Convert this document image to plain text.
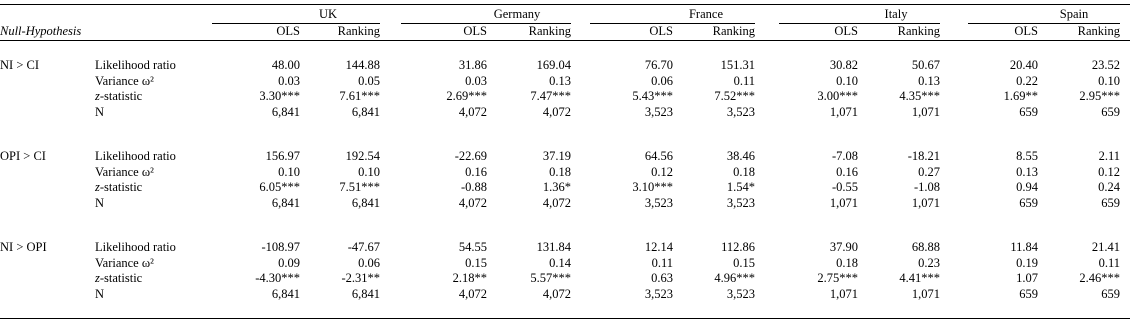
UK
OLS	Ranking
Germany
OLS	Ranking
France
OLS	Ranking
Italy
OLS	Ranking
Spain
OLS	Ranking
Null-Hypothesis
NI > CI	Likelihood ratio	48.00	144.88	31.86	169.04	76.70	151.31	30.82	50.67	20.40	23.52
Variance ω²	0.03	0.05	0.03	0.13	0.06	0.11	0.10	0.13	0.22	0.10
z-statistic	3.30***	7.61***	2.69***	7.47***	5.43***	7.52***	3.00***	4.35***	1.69**	2.95***
N	6,841	6,841	4,072	4,072	3,523	3,523	1,071	1,071	659	659
OPI > CI	Likelihood ratio	156.97	192.54	-22.69	37.19	64.56	38.46	-7.08	-18.21	8.55	2.11
Variance ω²	0.10	0.10	0.16	0.18	0.12	0.18	0.16	0.27	0.13	0.12
z-statistic	6.05***	7.51***	-0.88	1.36*	3.10***	1.54*	-0.55	-1.08	0.94	0.24
N	6,841	6,841	4,072	4,072	3,523	3,523	1,071	1,071	659	659
NI > OPI	Likelihood ratio	-108.97	-47.67	54.55	131.84	12.14	112.86	37.90	68.88	11.84	21.41
Variance ω²	0.09	0.06	0.15	0.14	0.11	0.15	0.18	0.23	0.19	0.11
z-statistic	-4.30***	-2.31**	2.18**	5.57***	0.63	4.96***	2.75***	4.41***	1.07	2.46***
N	6,841	6,841	4,072	4,072	3,523	3,523	1,071	1,071	659	659
